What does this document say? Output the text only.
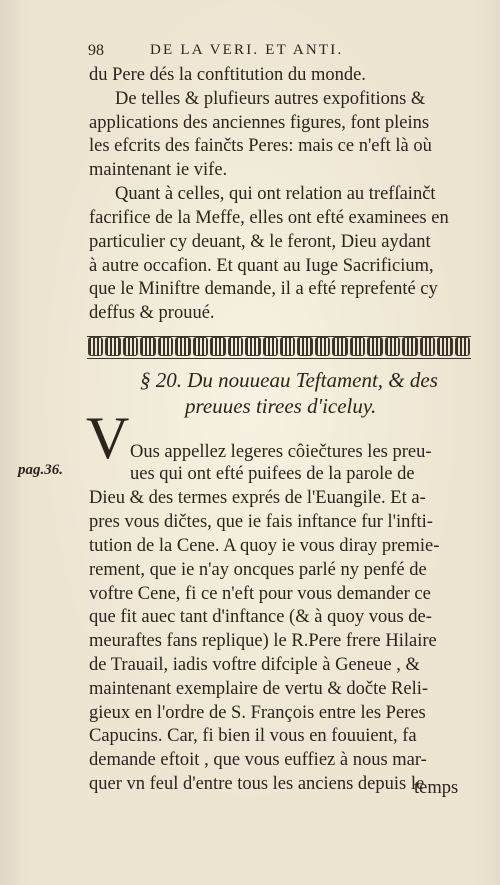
98	DE LA VERI. ET ANTI.
du Pere dés la conftitution du monde.
De telles & plufieurs autres expofitions &
applications des anciennes figures, font pleins
les efcrits des fainčts Peres: mais ce n'eft là où
maintenant ie vife.
Quant à celles, qui ont relation au trefſainčt
facrifice de la Meffe, elles ont efté examinees en
particulier cy deuant, & le feront, Dieu aydant
à autre occafion. Et quant au Iuge Sacrificium,
que le Miniftre demande, il a efté reprefenté cy
deffus & prouué.
§ 20. Du nouueau Teftament, & des
preuues tirees d'iceluy.
V
pag.36.
Ous appellez legeres côiečtures les preu-
ues qui ont efté puifees de la parole de
Dieu & des termes exprés de l'Euangile. Et a-
pres vous dičtes, que ie fais inftance fur l'infti-
tution de la Cene. A quoy ie vous diray premie-
rement, que ie n'ay oncques parlé ny penfé de
voftre Cene, fi ce n'eft pour vous demander ce
que fit auec tant d'inftance (& à quoy vous de-
meuraftes fans replique) le R.Pere frere Hilaire
de Trauail, iadis voftre difciple à Geneue , &
maintenant exemplaire de vertu & dočte Reli-
gieux en l'ordre de S. François entre les Peres
Capucins. Car, fi bien il vous en fouuient, fa
demande eftoit , que vous euffiez à nous mar-
quer vn feul d'entre tous les anciens depuis le
temps
